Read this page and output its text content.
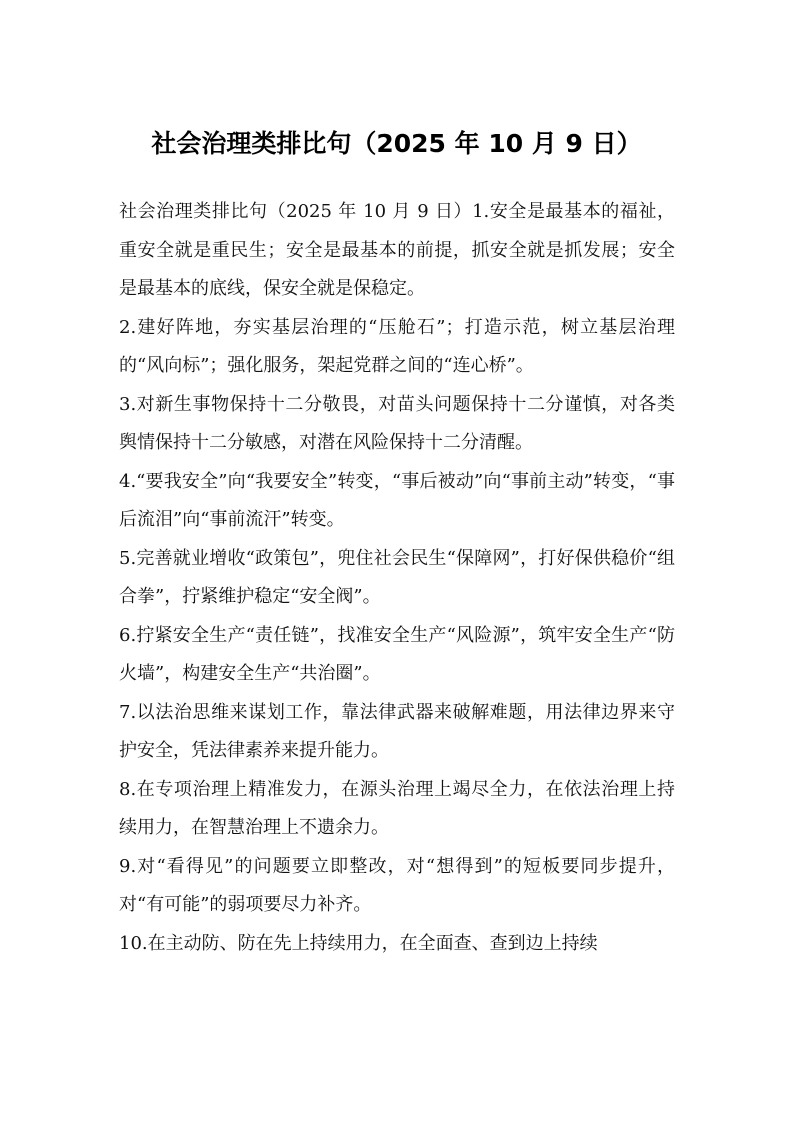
社会治理类排比句（2025 年 10 月 9 日）

社会治理类排比句（2025 年 10 月 9 日）1.安全是最基本的福祉，重安全就是重民生；安全是最基本的前提，抓安全就是抓发展；安全是最基本的底线，保安全就是保稳定。

2.建好阵地，夯实基层治理的“压舱石”；打造示范，树立基层治理的“风向标”；强化服务，架起党群之间的“连心桥”。

3.对新生事物保持十二分敬畏，对苗头问题保持十二分谨慎，对各类舆情保持十二分敏感，对潜在风险保持十二分清醒。

4.“要我安全”向“我要安全”转变，“事后被动”向“事前主动”转变，“事后流泪”向“事前流汗”转变。

5.完善就业增收“政策包”，兜住社会民生“保障网”，打好保供稳价“组合拳”，拧紧维护稳定“安全阀”。

6.拧紧安全生产“责任链”，找准安全生产“风险源”，筑牢安全生产“防火墙”，构建安全生产“共治圈”。

7.以法治思维来谋划工作，靠法律武器来破解难题，用法律边界来守护安全，凭法律素养来提升能力。

8.在专项治理上精准发力，在源头治理上竭尽全力，在依法治理上持续用力，在智慧治理上不遗余力。

9.对“看得见”的问题要立即整改，对“想得到”的短板要同步提升，对“有可能”的弱项要尽力补齐。

10.在主动防、防在先上持续用力，在全面查、查到边上持续
